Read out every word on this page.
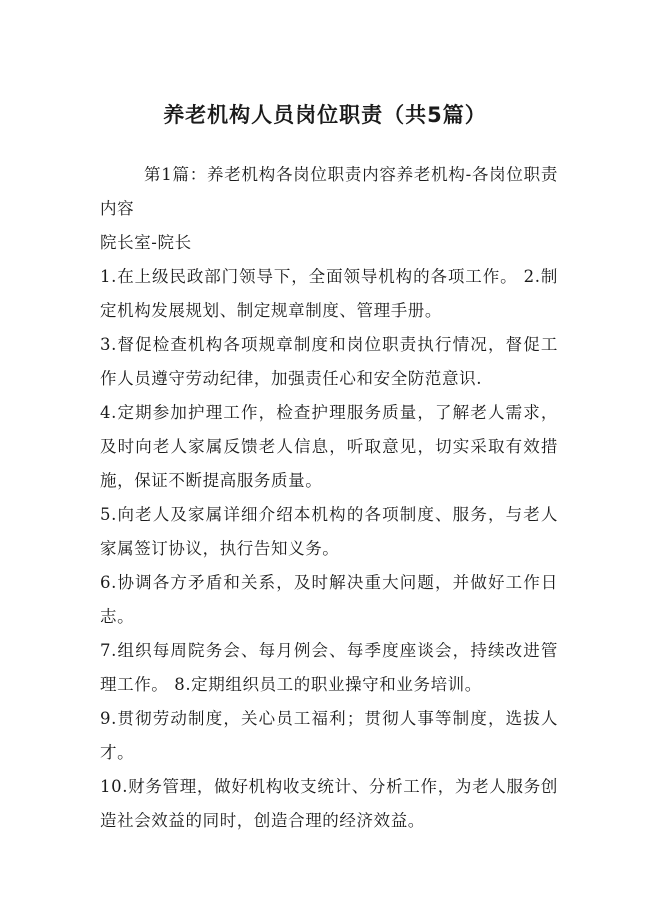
养老机构人员岗位职责（共5篇）

第1篇：养老机构各岗位职责内容养老机构-各岗位职责内容

院长室-院长

1.在上级民政部门领导下，全面领导机构的各项工作。 2.制定机构发展规划、制定规章制度、管理手册。

3.督促检查机构各项规章制度和岗位职责执行情况，督促工作人员遵守劳动纪律，加强责任心和安全防范意识.

4.定期参加护理工作，检查护理服务质量，了解老人需求，及时向老人家属反馈老人信息，听取意见，切实采取有效措施，保证不断提高服务质量。

5.向老人及家属详细介绍本机构的各项制度、服务，与老人家属签订协议，执行告知义务。

6.协调各方矛盾和关系，及时解决重大问题，并做好工作日志。

7.组织每周院务会、每月例会、每季度座谈会，持续改进管理工作。 8.定期组织员工的职业操守和业务培训。

9.贯彻劳动制度，关心员工福利；贯彻人事等制度，选拔人才。

10.财务管理，做好机构收支统计、分析工作，为老人服务创造社会效益的同时，创造合理的经济效益。
